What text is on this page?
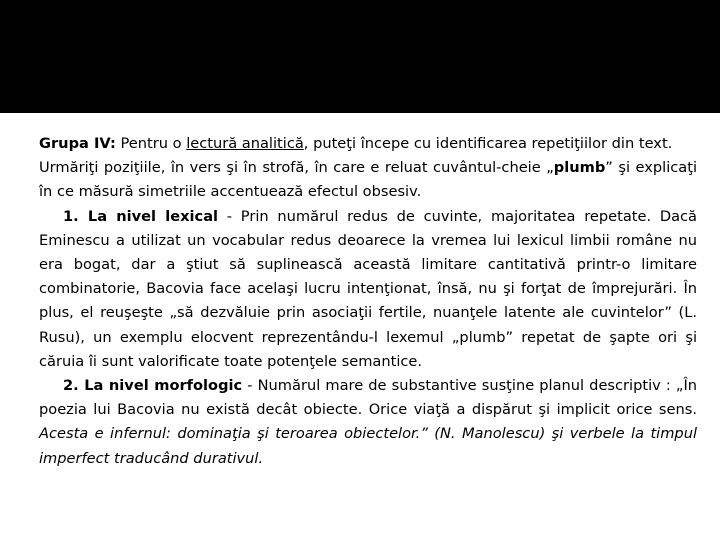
Grupa IV: Pentru o lectură analitică, puteţi începe cu identificarea repetiţiilor din text.

Urmăriţi poziţiile, în vers şi în strofă, în care e reluat cuvântul-cheie „plumb” şi explicaţi în ce măsură simetriile accentuează efectul obsesiv.

1. La nivel lexical - Prin numărul redus de cuvinte, majoritatea repetate. Dacă Eminescu a utilizat un vocabular redus deoarece la vremea lui lexicul limbii române nu era bogat, dar a ştiut să suplinească această limitare cantitativă printr-o limitare combinatorie, Bacovia face acelaşi lucru intenţionat, însă, nu şi forţat de împrejurări. În plus, el reuşeşte „să dezvăluie prin asociaţii fertile, nuanţele latente ale cuvintelor” (L. Rusu), un exemplu elocvent reprezentându-l lexemul „plumb” repetat de şapte ori şi căruia îi sunt valorificate toate potenţele semantice.

2. La nivel morfologic - Numărul mare de substantive susţine planul descriptiv : „În poezia lui Bacovia nu există decât obiecte. Orice viaţă a dispărut şi implicit orice sens. Acesta e infernul: dominaţia şi teroarea obiectelor.” (N. Manolescu) şi verbele la timpul imperfect traducând durativul.
